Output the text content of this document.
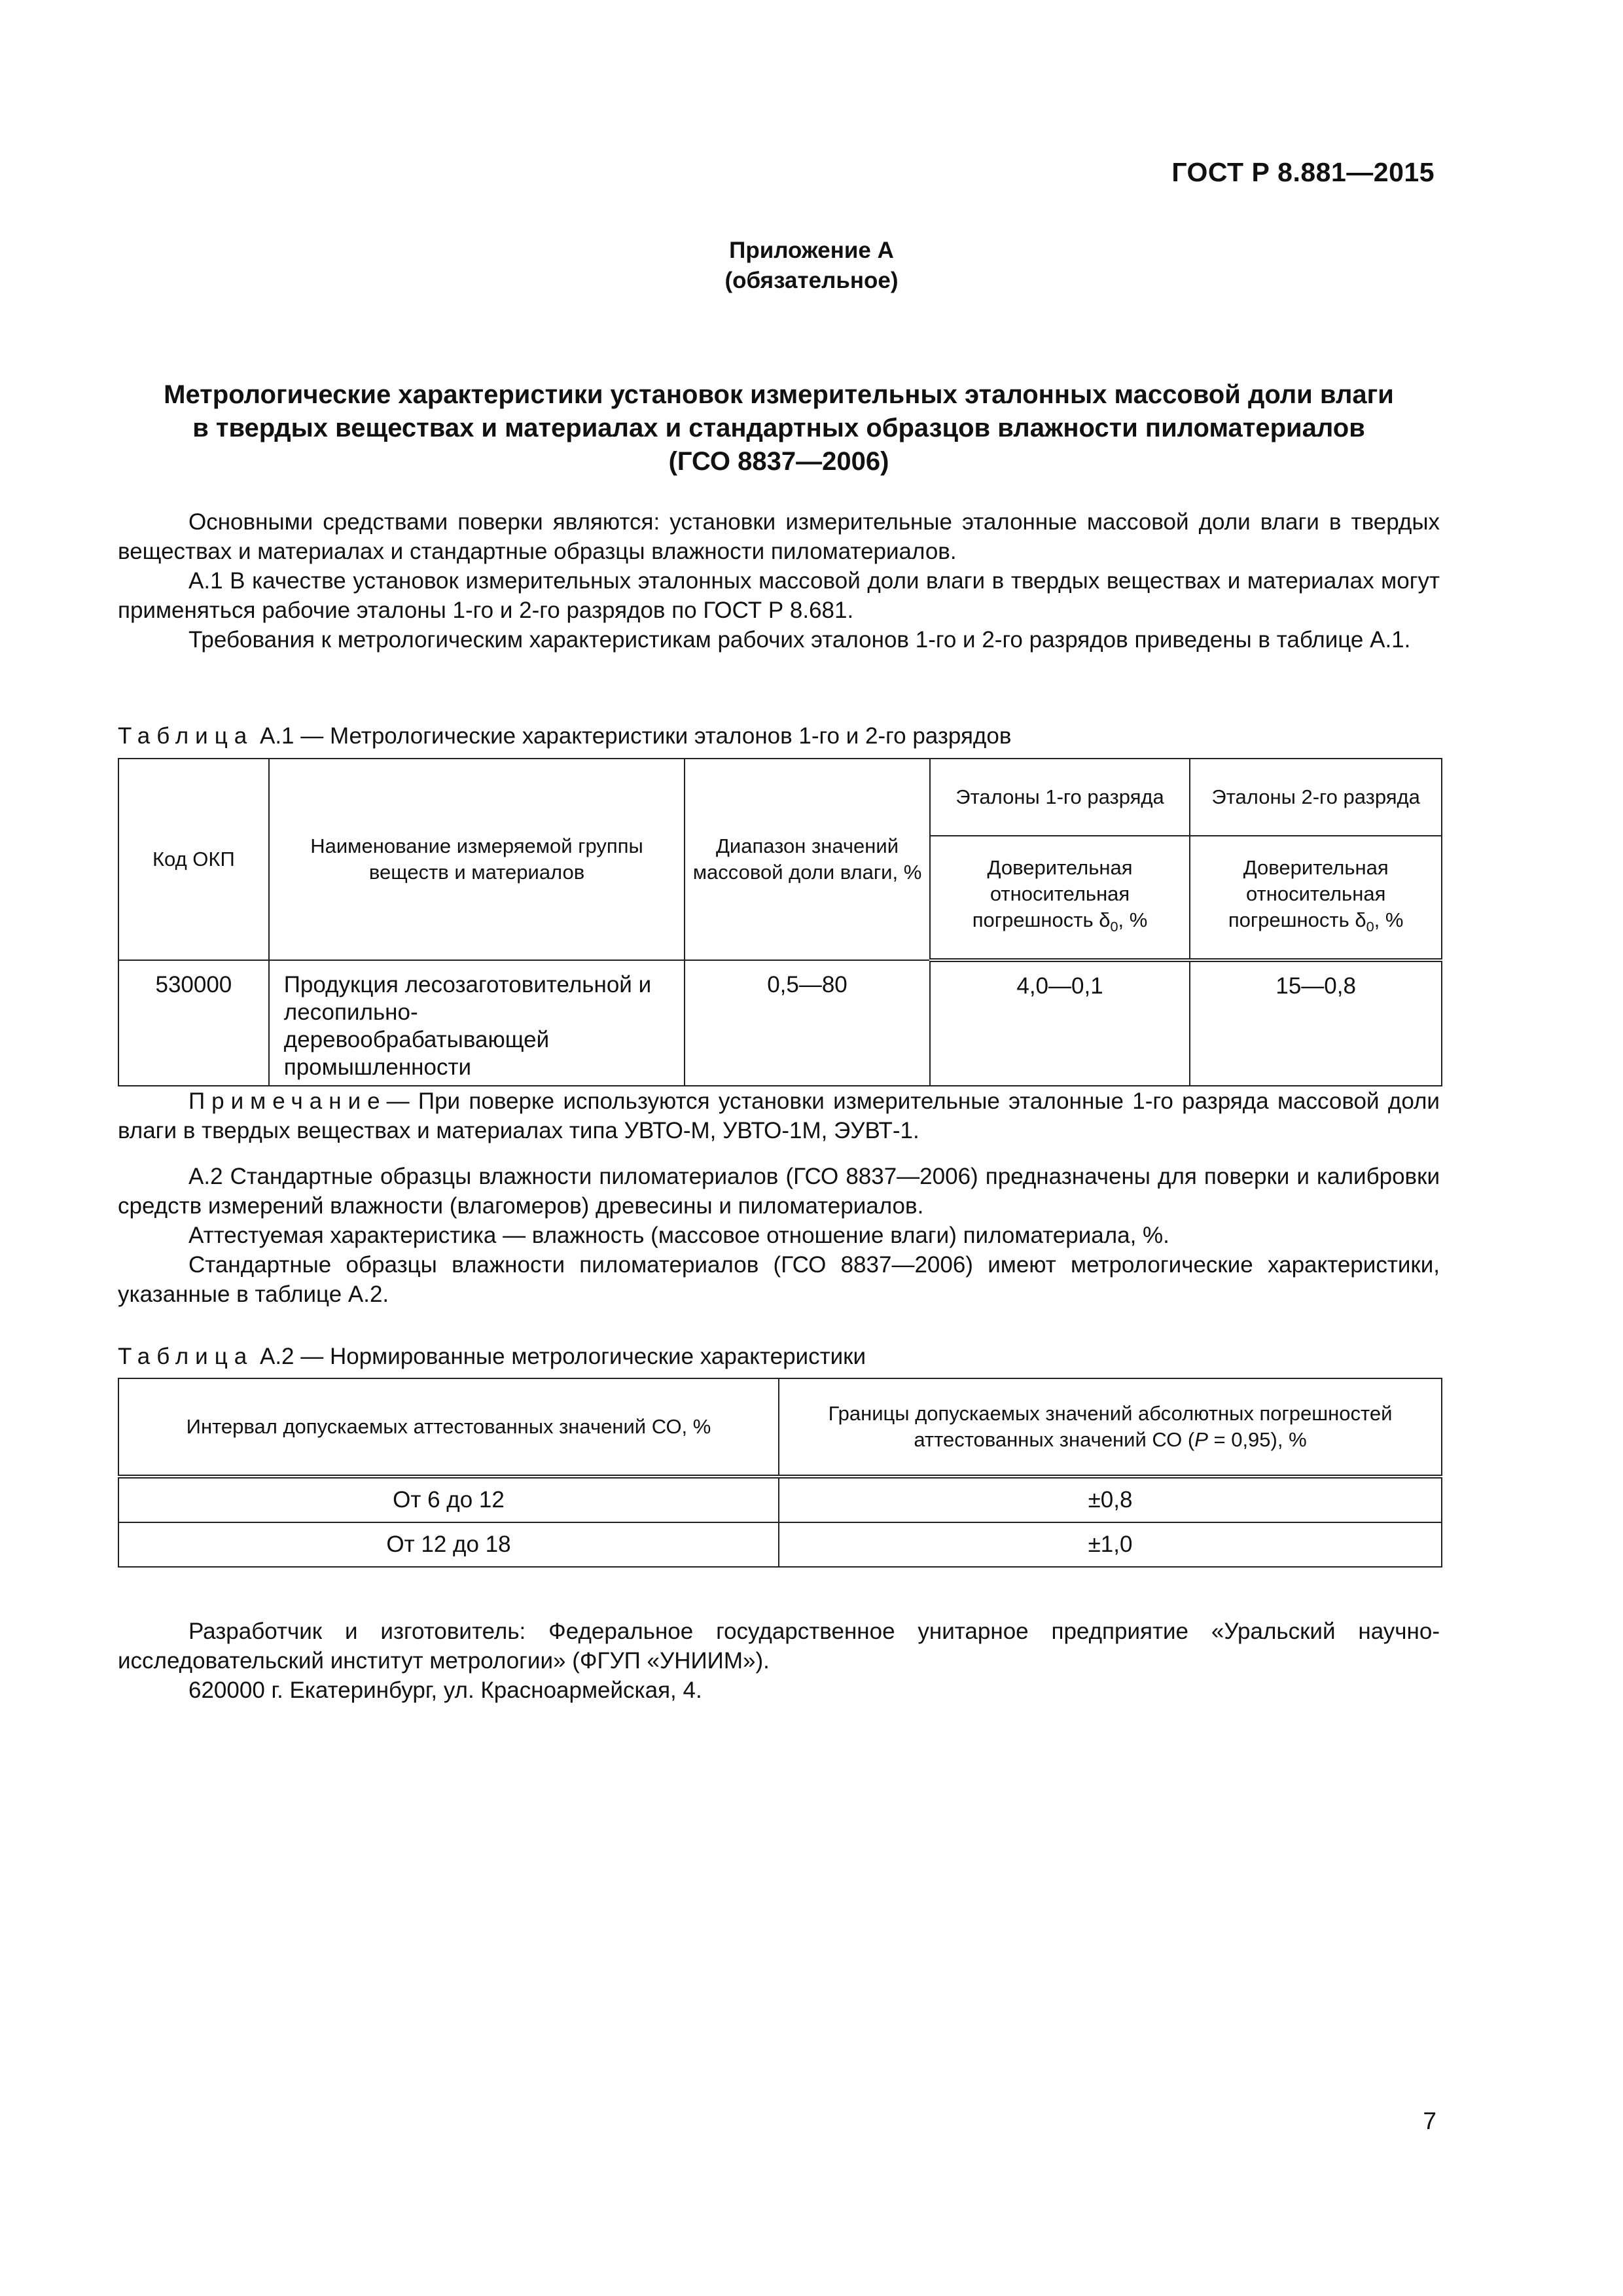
ГОСТ Р 8.881—2015
Приложение А
(обязательное)
Метрологические характеристики установок измерительных эталонных массовой доли влаги
в твердых веществах и материалах и стандартных образцов влажности пиломатериалов
(ГСО 8837—2006)

Основными средствами поверки являются: установки измерительные эталонные массовой доли влаги в твердых веществах и материалах и стандартные образцы влажности пиломатериалов.

А.1 В качестве установок измерительных эталонных массовой доли влаги в твердых веществах и материалах могут применяться рабочие эталоны 1-го и 2-го разрядов по ГОСТ Р 8.681.

Требования к метрологическим характеристикам рабочих эталонов 1-го и 2-го разрядов приведены в таблице А.1.

Таблица А.1 — Метрологические характеристики эталонов 1-го и 2-го разрядов
Код ОКП	Наименование измеряемой группы веществ и материалов	Диапазон значений массовой доли влаги, %	Эталоны 1-го разряда	Эталоны 2-го разряда
			Доверительная относительная погрешность $\delta_0$, %	Доверительная относительная погрешность $\delta_0$, %
530000	Продукция лесозаготовительной и лесопильно-деревообрабатывающей промышленности	0,5—80	4,0—0,1	15—0,8

Примечание— При поверке используются установки измерительные эталонные 1-го разряда массовой доли влаги в твердых веществах и материалах типа УВТО-М, УВТО-1М, ЭУВТ-1.

А.2 Стандартные образцы влажности пиломатериалов (ГСО 8837—2006) предназначены для поверки и калибровки средств измерений влажности (влагомеров) древесины и пиломатериалов.

Аттестуемая характеристика — влажность (массовое отношение влаги) пиломатериала, %.

Стандартные образцы влажности пиломатериалов (ГСО 8837—2006) имеют метрологические характеристики, указанные в таблице А.2.

Таблица А.2 — Нормированные метрологические характеристики
Интервал допускаемых аттестованных значений СО, %	Границы допускаемых значений абсолютных погрешностей аттестованных значений СО (P = 0,95), %
От 6 до 12	±0,8
От 12 до 18	±1,0

Разработчик и изготовитель: Федеральное государственное унитарное предприятие «Уральский научно-исследовательский институт метрологии» (ФГУП «УНИИМ»).

620000 г. Екатеринбург, ул. Красноармейская, 4.

7
